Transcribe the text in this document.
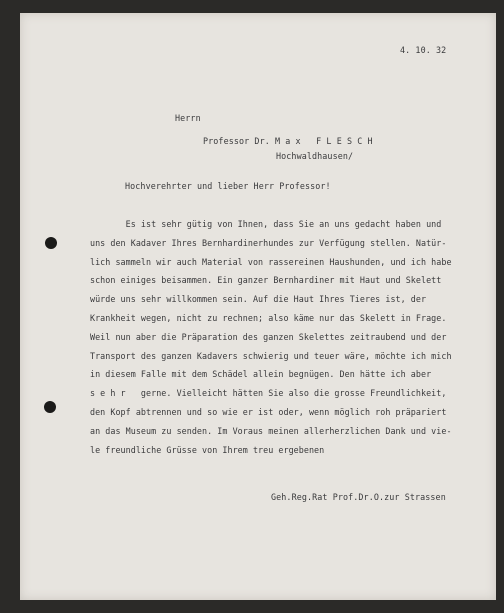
4. 10. 32
Herrn
Professor Dr. M a x   F L E S C H
Hochwaldhausen/
Hochverehrter und lieber Herr Professor!
Es ist sehr gütig von Ihnen, dass Sie an uns gedacht haben und
uns den Kadaver Ihres Bernhardinerhundes zur Verfügung stellen. Natür-
lich sammeln wir auch Material von rassereinen Haushunden, und ich habe
schon einiges beisammen. Ein ganzer Bernhardiner mit Haut und Skelett
würde uns sehr willkommen sein. Auf die Haut Ihres Tieres ist, der
Krankheit wegen, nicht zu rechnen; also käme nur das Skelett in Frage.
Weil nun aber die Präparation des ganzen Skelettes zeitraubend und der
Transport des ganzen Kadavers schwierig und teuer wäre, möchte ich mich
in diesem Falle mit dem Schädel allein begnügen. Den hätte ich aber
s e h r   gerne. Vielleicht hätten Sie also die grosse Freundlichkeit,
den Kopf abtrennen und so wie er ist oder, wenn möglich roh präpariert
an das Museum zu senden. Im Voraus meinen allerherzlichen Dank und vie-
le freundliche Grüsse von Ihrem treu ergebenen
Geh.Reg.Rat Prof.Dr.O.zur Strassen
